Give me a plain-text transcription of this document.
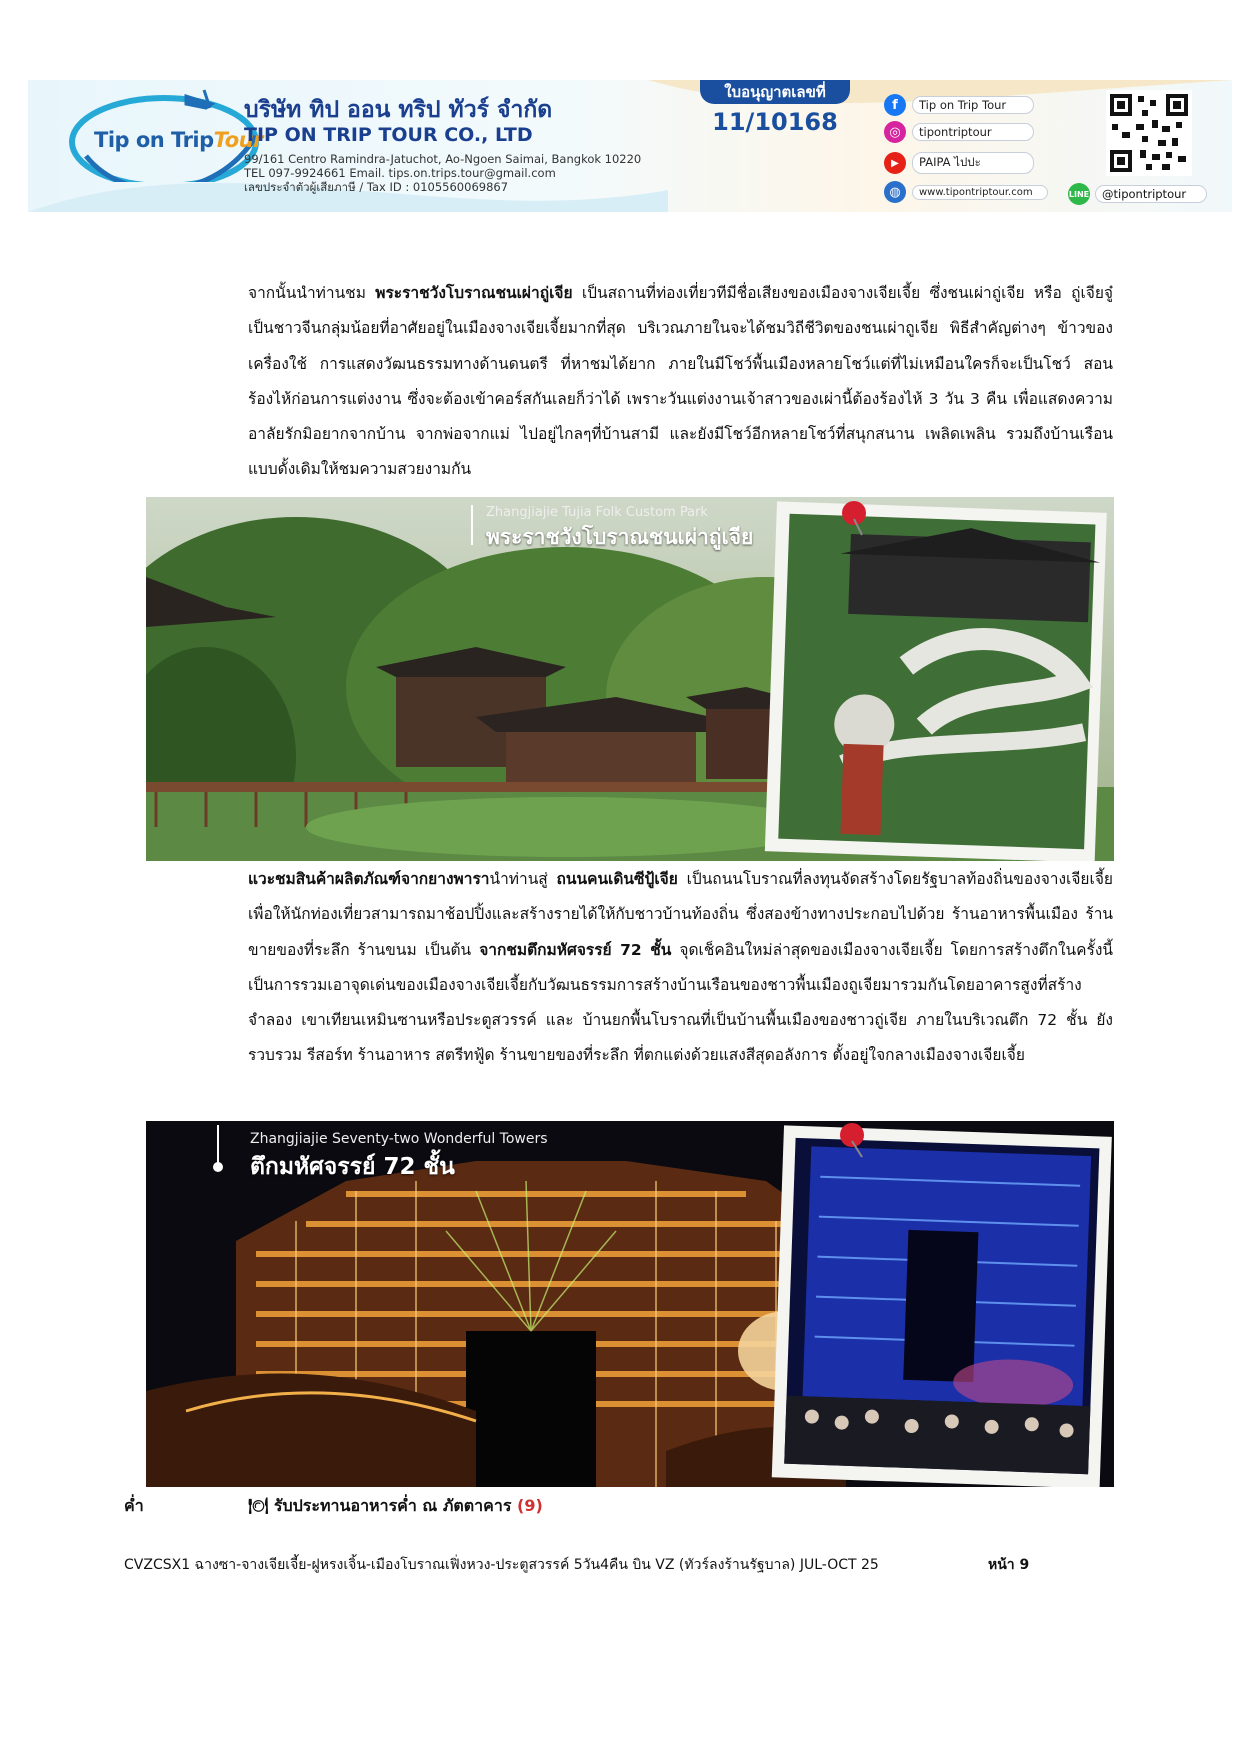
Tip on TripTour
บริษัท ทิป ออน ทริป ทัวร์ จำกัด
TIP ON TRIP TOUR CO., LTD
99/161 Centro Ramindra-Jatuchot, Ao-Ngoen Saimai, Bangkok 10220
TEL 097-9924661 Email. tips.on.trips.tour@gmail.com
เลขประจำตัวผู้เสียภาษี / Tax ID : 0105560069867
ใบอนุญาตเลขที่
11/10168
f	Tip on Trip Tour
◎	tipontriptour
▶	PAIPA ไปปะ
◍	www.tipontriptour.com	LINE	@tipontriptour
จากนั้นนำท่านชม พระราชวังโบราณชนเผ่าถู่เจีย เป็นสถานที่ท่องเที่ยวทีมีชื่อเสียงของเมืองจางเจียเจี้ย ซึ่งชนเผ่าถู่เจีย หรือ ถู่เจียจู๋ เป็นชาวจีนกลุ่มน้อยที่อาศัยอยู่ในเมืองจางเจียเจี้ยมากที่สุด บริเวณภายในจะได้ชมวิถีชีวิตของชนเผ่าถูเจีย พิธีสำคัญต่างๆ ข้าวของเครื่องใช้ การแสดงวัฒนธรรมทางด้านดนตรี ที่หาชมได้ยาก ภายในมีโชว์พื้นเมืองหลายโชว์แต่ที่ไม่เหมือนใครก็จะเป็นโชว์ สอนร้องไห้ก่อนการแต่งงาน ซึ่งจะต้องเข้าคอร์สกันเลยก็ว่าได้ เพราะวันแต่งงานเจ้าสาวของเผ่านี้ต้องร้องไห้ 3 วัน 3 คืน เพื่อแสดงความอาลัยรักมิอยากจากบ้าน จากพ่อจากแม่ ไปอยู่ไกลๆที่บ้านสามี และยังมีโชว์อีกหลายโชว์ที่สนุกสนาน เพลิดเพลิน รวมถึงบ้านเรือนแบบดั้งเดิมให้ชมความสวยงามกัน
Zhangjiajie Tujia Folk Custom Park
พระราชวังโบราณชนเผ่าถู่เจีย
แวะชมสินค้าผลิตภัณฑ์จากยางพารานำท่านสู่ ถนนคนเดินซีปู้เจีย เป็นถนนโบราณที่ลงทุนจัดสร้างโดยรัฐบาลท้องถิ่นของจางเจียเจี้ย เพื่อให้นักท่องเที่ยวสามารถมาช้อปปิ้งและสร้างรายได้ให้กับชาวบ้านท้องถิ่น ซึ่งสองข้างทางประกอบไปด้วย ร้านอาหารพื้นเมือง ร้านขายของที่ระลึก ร้านขนม เป็นต้น จากชมตึกมหัศจรรย์ 72 ชั้น จุดเช็คอินใหม่ล่าสุดของเมืองจางเจียเจี้ย โดยการสร้างตึกในครั้งนี้เป็นการรวมเอาจุดเด่นของเมืองจางเจียเจี้ยกับวัฒนธรรมการสร้างบ้านเรือนของชาวพื้นเมืองถูเจียมารวมกันโดยอาคารสูงที่สร้างจำลอง เขาเทียนเหมินซานหรือประตูสวรรค์ และ บ้านยกพื้นโบราณที่เป็นบ้านพื้นเมืองของชาวถู่เจีย ภายในบริเวณตึก 72 ชั้น ยังรวบรวม รีสอร์ท ร้านอาหาร สตรีทฟู้ด ร้านขายของที่ระลึก ที่ตกแต่งด้วยแสงสีสุดอลังการ ตั้งอยู่ใจกลางเมืองจางเจียเจี้ย
Zhangjiajie Seventy-two Wonderful Towers
ตึกมหัศจรรย์ 72 ชั้น
ค่ำ	🍽 รับประทานอาหารค่ำ ณ ภัตตาคาร (9)
CVZCSX1 ฉางซา-จางเจียเจี้ย-ฝูหรงเจิ้น-เมืองโบราณเฟิ่งหวง-ประตูสวรรค์ 5วัน4คืน บิน VZ (ทัวร์ลงร้านรัฐบาล) JUL-OCT 25	หน้า 9
